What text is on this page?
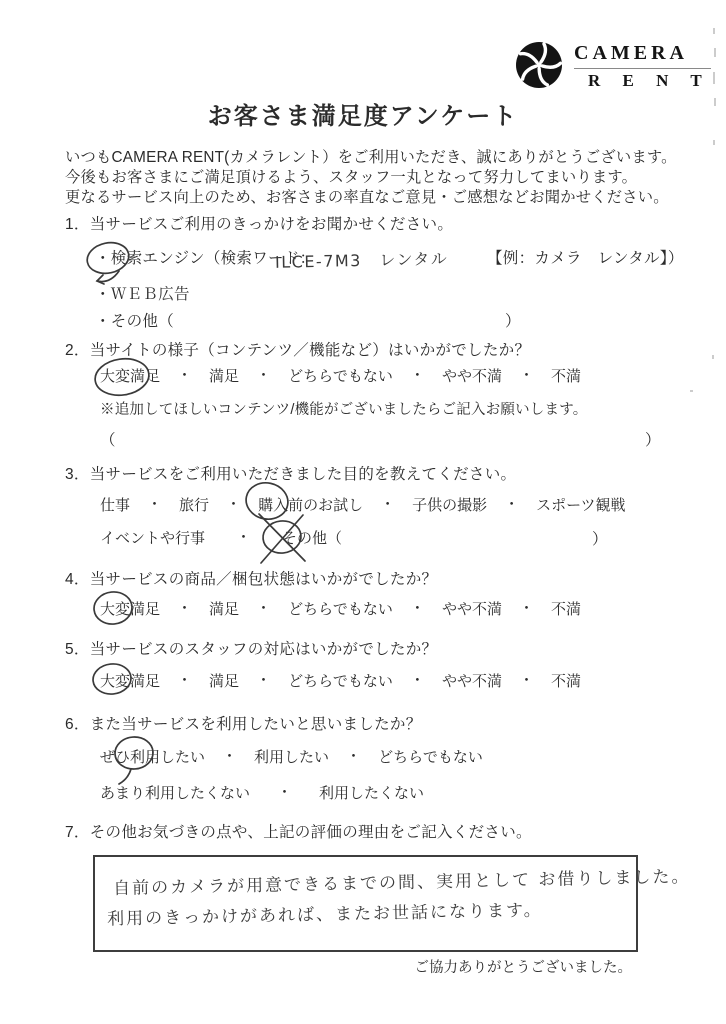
CAMERA
R E N T
お客さま満足度アンケート
いつもCAMERA RENT(カメラレント）をご利用いただき、誠にありがとうございます。
今後もお客さまにご満足頂けるよう、スタッフ一丸となって努力してまいります。
更なるサービス向上のため、お客さまの率直なご意見・ご感想などお聞かせください。
1．当サービスご利用のきっかけをお聞かせください。
・検索エンジン（検索ワード：
ILCE-7M3　レンタル 【例：カメラ　レンタル】）
・ＷＥＢ広告
・その他（	）
2．当サイトの様子（コンテンツ／機能など）はいかがでしたか？
大変満足 ・ 満足 ・ どちらでもない ・ やや不満 ・ 不満
※追加してほしいコンテンツ/機能がございましたらご記入お願いします。
（	）
3．当サービスをご利用いただきました目的を教えてください。
仕事 ・ 旅行 ・ 購入前のお試し ・ 子供の撮影 ・ スポーツ観戦
イベントや行事 ・ その他（	）
4．当サービスの商品／梱包状態はいかがでしたか？
大変満足 ・ 満足 ・ どちらでもない ・ やや不満 ・ 不満
5．当サービスのスタッフの対応はいかがでしたか？
大変満足 ・ 満足 ・ どちらでもない ・ やや不満 ・ 不満
6．また当サービスを利用したいと思いましたか？
ぜひ利用したい ・ 利用したい ・ どちらでもない
あまり利用したくない ・ 利用したくない
7．その他お気づきの点や、上記の評価の理由をご記入ください。
自前のカメラが用意できるまでの間、実用として お借りしました。
利用のきっかけがあれば、またお世話になります。
ご協力ありがとうございました。
